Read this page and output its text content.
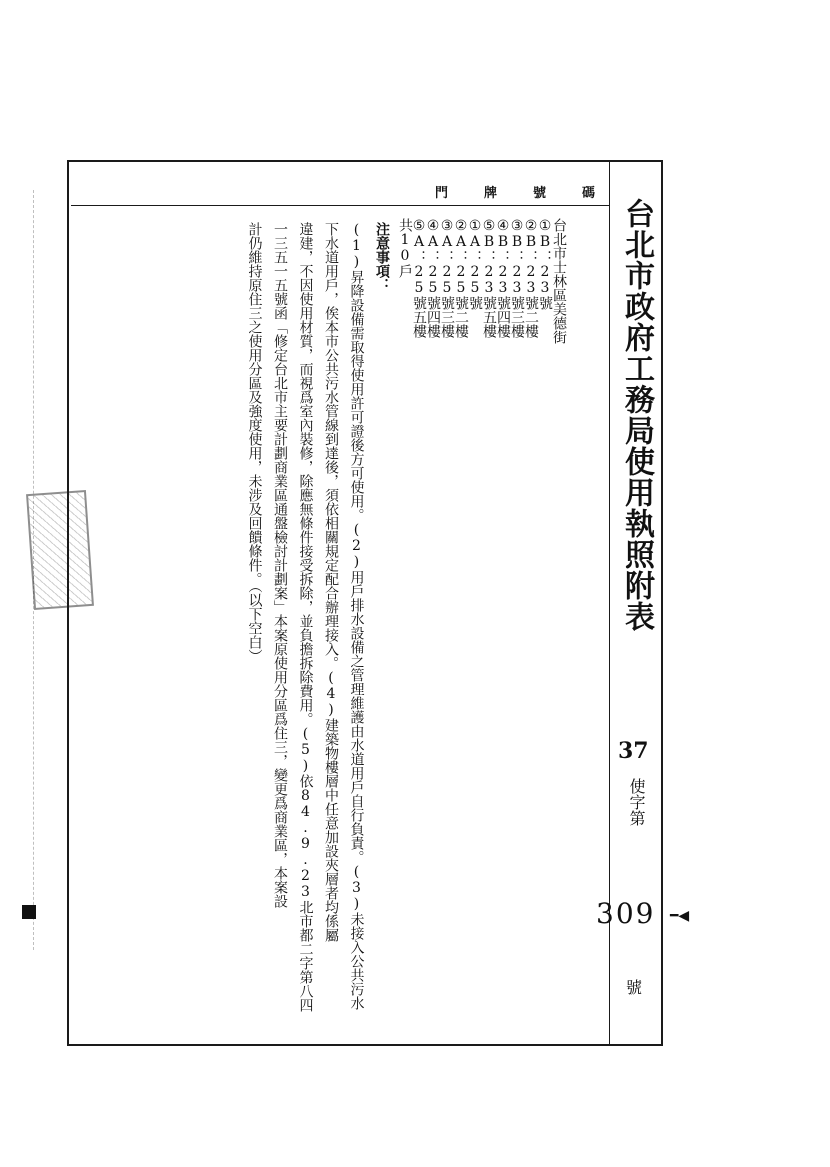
門	牌	號	碼
台北市政府工務局使用執照附表
台北市士林區美德街
①B：23號
②B：23號二樓
③B：23號三樓
④B：23號四樓
⑤B：23號五樓
①A：25號
②A：25號二樓
③A：25號三樓
④A：25號四樓
⑤A：25號五樓
共10戶

注意事項：

(1)昇降設備需取得使用許可證後方可使用。(2)用戶排水設備之管理維護由水道用戶自行負責。(3)未接入公共污水

下水道用戶，俟本市公共污水管線到達後，須依相關規定配合辦理接入。(4)建築物樓層中任意加設夾層者均係屬

違建，不因使用材質，而視爲室內裝修，除應無條件接受拆除，並負擔拆除費用。(5)依84.9.23北市都二字第八四

一三五一五號函「修定台北市主要計劃商業區通盤檢討計劃案」本案原使用分區爲住三，變更爲商業區，本案設

計仍維持原住三之使用分區及強度使用，未涉及回饋條件。（以下空白）

37
使字第
309 ━◀
號
